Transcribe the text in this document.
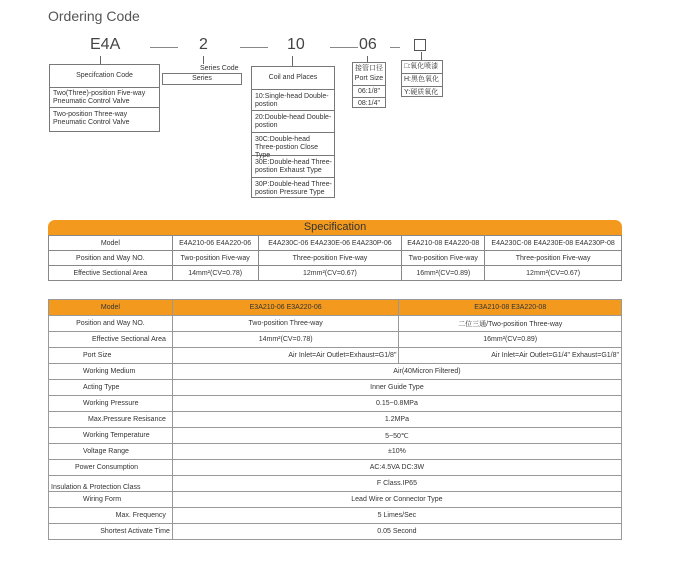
Ordering Code
E4A	2	10	06
Specifcation Code
Two(Three)-position Five-way Pneumatic Control Valve
Two-position Three-way Pneumatic Control Valve
Series Code
Series	Coil and Places
10:Single-head Double-postion
20:Double-head Double-postion
30C:Double-head Three-postion Close Type
30E:Double-head Three-postion Exhaust Type
30P:Double-head Three-postion Pressure Type
接管口径
Port Size
06:1/8"
08:1/4"
□:氧化喷漆
H:黑色氧化
Y:硬质氧化
Specification
Model	E4A210-06 E4A220-06	E4A230C-06 E4A230E-06 E4A230P-06	E4A210-08 E4A220-08	E4A230C-08 E4A230E-08 E4A230P-08
Position and Way NO.	Two-position Five-way	Three-position Five-way	Two-position Five-way	Three-position Five-way
Effective Sectional Area	14mm²(CV=0.78)	12mm²(CV=0.67)	16mm²(CV=0.89)	12mm²(CV=0.67)
Model	E3A210-06 E3A220-06	E3A210-08 E3A220-08
Position and Way NO.	Two-position Three-way	二位三通/Two-position Three-way
Effective Sectional Area	14mm²(CV=0.78)	16mm²(CV=0.89)
Port Size	Air Inlet=Air Outlet=Exhaust=G1/8"	Air Inlet=Air Outlet=G1/4" Exhaust=G1/8"
Working Medium	Air(40Micron Filtered)	
Acting Type	Inner Guide Type	
Working Pressure	0.15~0.8MPa	
Max.Pressure Resisance	1.2MPa	
Working Temperature	5~50℃	
Voltage Range	±10%	
Power Consumption	AC:4.5VA DC:3W	
Insulation & Protection Class	F Class.IP65	
Wiring Form	Lead Wire or Connector Type	
Max. Frequency	5 Limes/Sec	
Shortest Activate Time	0.05 Second	
